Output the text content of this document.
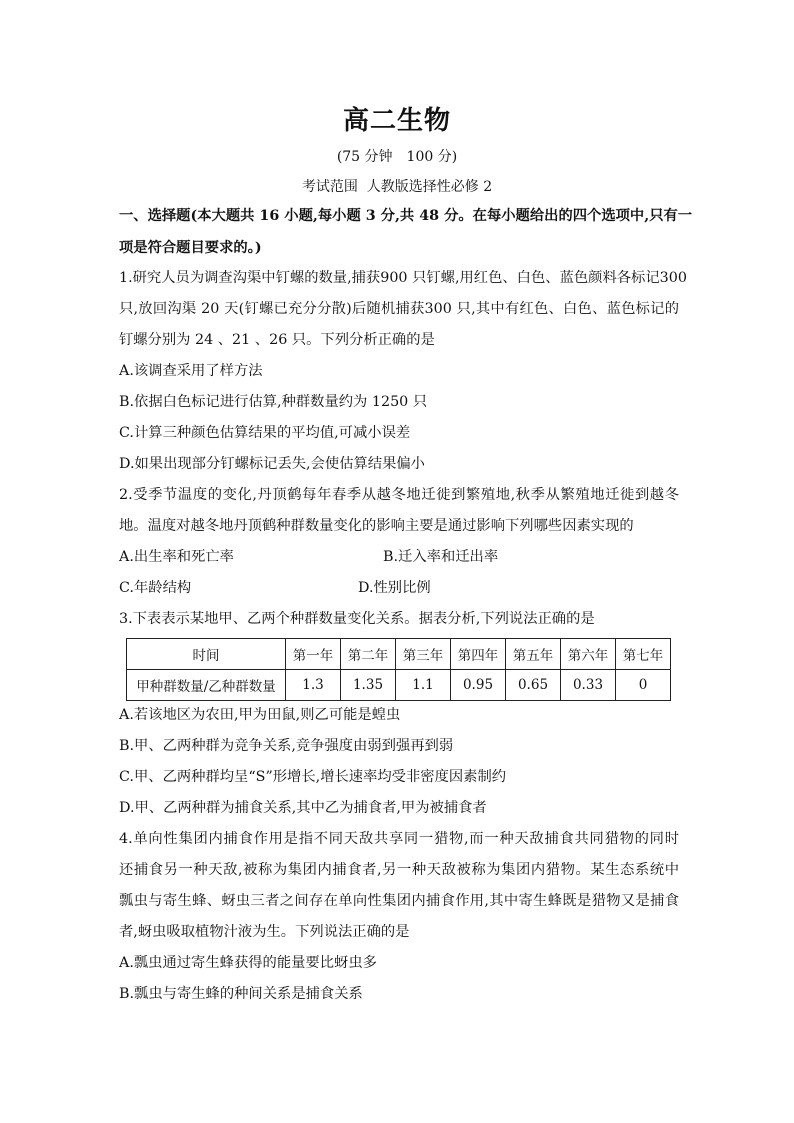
高二生物
(75 分钟　100 分)
考试范围  人教版选择性必修 2
一、选择题(本大题共 16 小题,每小题 3 分,共 48 分。在每小题给出的四个选项中,只有一
项是符合题目要求的。)
1.研究人员为调查沟渠中钉螺的数量,捕获900 只钉螺,用红色、白色、蓝色颜料各标记300
只,放回沟渠 20 天(钉螺已充分分散)后随机捕获300 只,其中有红色、白色、蓝色标记的
钉螺分别为 24 、21 、26 只。下列分析正确的是
A.该调查采用了样方法
B.依据白色标记进行估算,种群数量约为 1250 只
C.计算三种颜色估算结果的平均值,可减小误差
D.如果出现部分钉螺标记丢失,会使估算结果偏小
2.受季节温度的变化,丹顶鹤每年春季从越冬地迁徙到繁殖地,秋季从繁殖地迁徙到越冬
地。温度对越冬地丹顶鹤种群数量变化的影响主要是通过影响下列哪些因素实现的
A.出生率和死亡率	B.迁入率和迁出率
C.年龄结构	D.性别比例
3.下表表示某地甲、乙两个种群数量变化关系。据表分析,下列说法正确的是
时间	第一年	第二年	第三年	第四年	第五年	第六年	第七年
甲种群数量/乙种群数量	1.3	1.35	1.1	0.95	0.65	0.33	0
A.若该地区为农田,甲为田鼠,则乙可能是蝗虫
B.甲、乙两种群为竞争关系,竞争强度由弱到强再到弱
C.甲、乙两种群均呈“S”形增长,增长速率均受非密度因素制约
D.甲、乙两种群为捕食关系,其中乙为捕食者,甲为被捕食者
4.单向性集团内捕食作用是指不同天敌共享同一猎物,而一种天敌捕食共同猎物的同时
还捕食另一种天敌,被称为集团内捕食者,另一种天敌被称为集团内猎物。某生态系统中
瓢虫与寄生蜂、蚜虫三者之间存在单向性集团内捕食作用,其中寄生蜂既是猎物又是捕食
者,蚜虫吸取植物汁液为生。下列说法正确的是
A.瓢虫通过寄生蜂获得的能量要比蚜虫多
B.瓢虫与寄生蜂的种间关系是捕食关系
